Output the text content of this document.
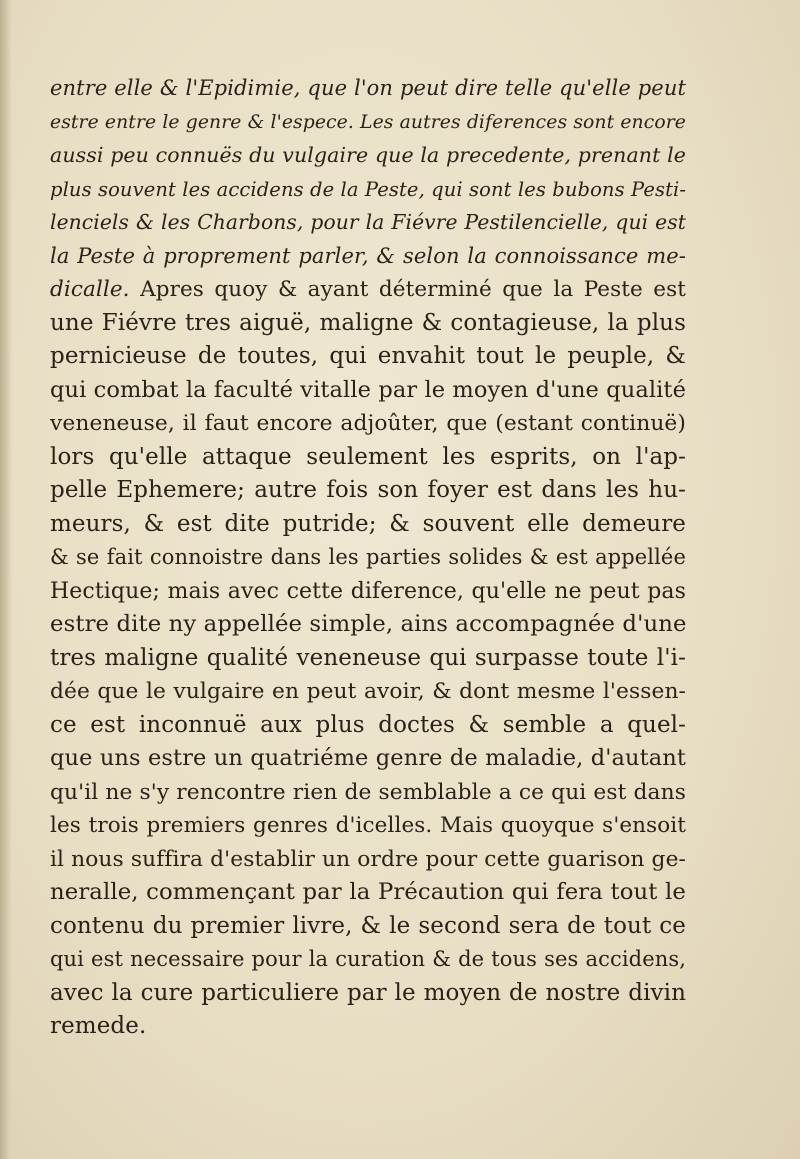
entre elle & l'Epidimie, que l'on peut dire telle qu'elle peut
estre entre le genre & l'espece. Les autres diferences sont encore
aussi peu connuës du vulgaire que la precedente, prenant le
plus souvent les accidens de la Peste, qui sont les bubons Pesti-
lenciels & les Charbons, pour la Fiévre Pestilencielle, qui est
la Peste à proprement parler, & selon la connoissance me-
dicalle. Apres quoy & ayant déterminé que la Peste est
une Fiévre tres aiguë, maligne & contagieuse, la plus
pernicieuse de toutes, qui envahit tout le peuple, &
qui combat la faculté vitalle par le moyen d'une qualité
veneneuse, il faut encore adjoûter, que (estant continuë)
lors qu'elle attaque seulement les esprits, on l'ap-
pelle Ephemere; autre fois son foyer est dans les hu-
meurs, & est dite putride; & souvent elle demeure
& se fait connoistre dans les parties solides & est appellée
Hectique; mais avec cette diference, qu'elle ne peut pas
estre dite ny appellée simple, ains accompagnée d'une
tres maligne qualité veneneuse qui surpasse toute l'i-
dée que le vulgaire en peut avoir, & dont mesme l'essen-
ce est inconnuë aux plus doctes & semble a quel-
que uns estre un quatriéme genre de maladie, d'autant
qu'il ne s'y rencontre rien de semblable a ce qui est dans
les trois premiers genres d'icelles. Mais quoyque s'ensoit
il nous suffira d'establir un ordre pour cette guarison ge-
neralle, commençant par la Précaution qui fera tout le
contenu du premier livre, & le second sera de tout ce
qui est necessaire pour la curation & de tous ses accidens,
avec la cure particuliere par le moyen de nostre divin
remede.
